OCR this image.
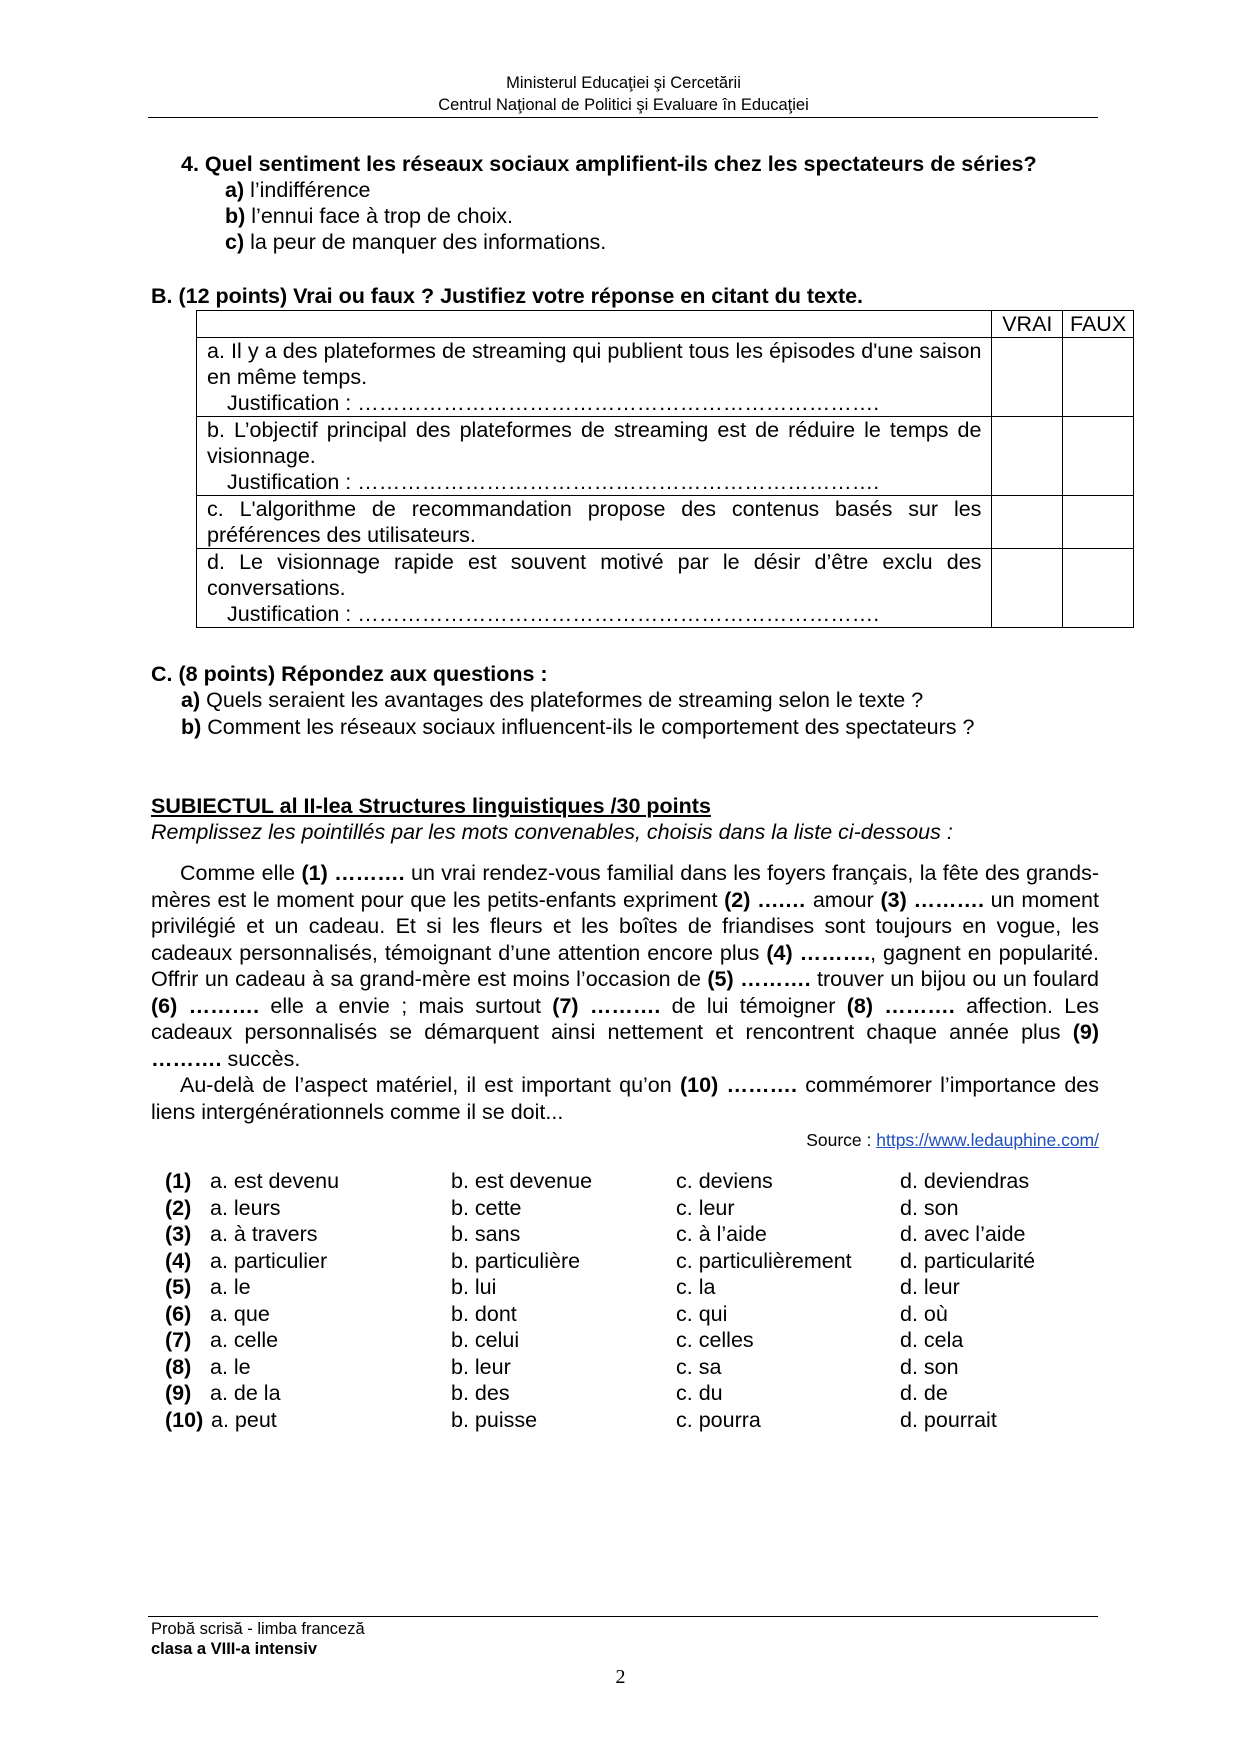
Ministerul Educaţiei şi Cercetării
Centrul Naţional de Politici şi Evaluare în Educaţiei
4. Quel sentiment les réseaux sociaux amplifient-ils chez les spectateurs de séries?
a) l’indifférence
b) l’ennui face à trop de choix.
c) la peur de manquer des informations.
B. (12 points) Vrai ou faux ? Justifiez votre réponse en citant du texte.
	VRAI	FAUX

a. Il y a des plateformes de streaming qui publient tous les épisodes d'une saison en même temps.
Justification : ……………………………………………………………….		

b. L’objectif principal des plateformes de streaming est de réduire le temps de visionnage.
Justification : ……………………………………………………………….		

c. L'algorithme de recommandation propose des contenus basés sur les préférences des utilisateurs.		

d. Le visionnage rapide est souvent motivé par le désir d’être exclu des conversations.
Justification : ……………………………………………………………….		

C. (8 points) Répondez aux questions :
a) Quels seraient les avantages des plateformes de streaming selon le texte ?
b) Comment les réseaux sociaux influencent-ils le comportement des spectateurs ?
SUBIECTUL al II-lea Structures linguistiques /30 points
Remplissez les pointillés par les mots convenables, choisis dans la liste ci-dessous :
Comme elle (1) ………. un vrai rendez-vous familial dans les foyers français, la fête des grands-mères est le moment pour que les petits-enfants expriment (2) ….… amour (3) ………. un moment privilégié et un cadeau. Et si les fleurs et les boîtes de friandises sont toujours en vogue, les cadeaux personnalisés, témoignant d’une attention encore plus (4) ………., gagnent en popularité. Offrir un cadeau à sa grand-mère est moins l’occasion de (5) ………. trouver un bijou ou un foulard (6) ………. elle a envie ; mais surtout (7) ………. de lui témoigner (8) ………. affection. Les cadeaux personnalisés se démarquent ainsi nettement et rencontrent chaque année plus (9) ………. succès.
Au-delà de l’aspect matériel, il est important qu’on (10) ………. commémorer l’importance des liens intergénérationnels comme il se doit...
Source : https://www.ledauphine.com/
(1) a. est devenu	b. est devenue	c. deviens	d. deviendras
(2) a. leurs	b. cette	c. leur	d. son
(3) a. à travers	b. sans	c. à l’aide	d. avec l’aide
(4) a. particulier	b. particulière	c. particulièrement d. particularité
(5) a. le	b. lui	c. la	d. leur
(6) a. que	b. dont	c. qui	d. où
(7) a. celle	b. celui	c. celles	d. cela
(8) a. le	b. leur	c. sa	d. son
(9) a. de la	b. des	c. du	d. de
(10) a. peut	b. puisse	c. pourra	d. pourrait
Probă scrisă - limba franceză
clasa a VIII-a intensiv
2
